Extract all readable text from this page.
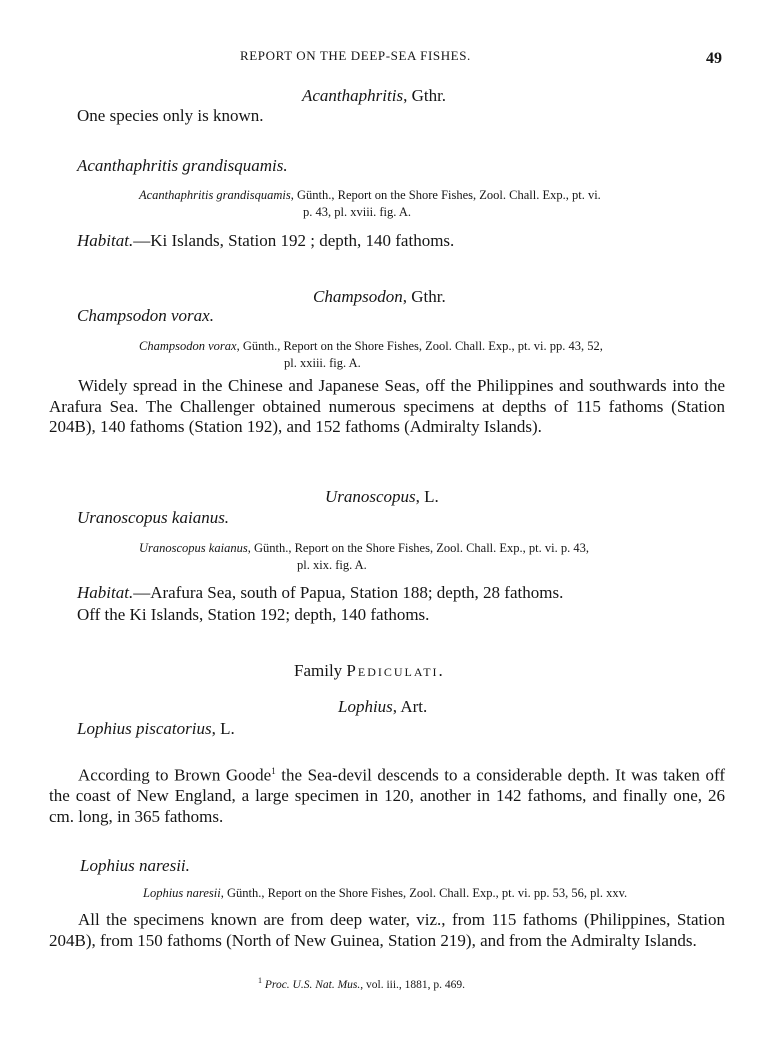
REPORT ON THE DEEP-SEA FISHES.	49
Acanthaphritis, Gthr.
One species only is known.
Acanthaphritis grandisquamis.
Acanthaphritis grandisquamis, Günth., Report on the Shore Fishes, Zool. Chall. Exp., pt. vi.
p. 43, pl. xviii. fig. A.
Habitat.—Ki Islands, Station 192 ; depth, 140 fathoms.
Champsodon, Gthr.
Champsodon vorax.
Champsodon vorax, Günth., Report on the Shore Fishes, Zool. Chall. Exp., pt. vi. pp. 43, 52,
pl. xxiii. fig. A.
Widely spread in the Chinese and Japanese Seas, off the Philippines and southwards into the Arafura Sea. The Challenger obtained numerous specimens at depths of 115 fathoms (Station 204B), 140 fathoms (Station 192), and 152 fathoms (Admiralty Islands).
Uranoscopus, L.
Uranoscopus kaianus.
Uranoscopus kaianus, Günth., Report on the Shore Fishes, Zool. Chall. Exp., pt. vi. p. 43,
pl. xix. fig. A.
Habitat.—Arafura Sea, south of Papua, Station 188; depth, 28 fathoms.
Off the Ki Islands, Station 192; depth, 140 fathoms.
Family Pediculati.
Lophius, Art.
Lophius piscatorius, L.
According to Brown Goode$^1$ the Sea-devil descends to a considerable depth. It was taken off the coast of New England, a large specimen in 120, another in 142 fathoms, and finally one, 26 cm. long, in 365 fathoms.
Lophius naresii.
Lophius naresii, Günth., Report on the Shore Fishes, Zool. Chall. Exp., pt. vi. pp. 53, 56, pl. xxv.
All the specimens known are from deep water, viz., from 115 fathoms (Philippines, Station 204B), from 150 fathoms (North of New Guinea, Station 219), and from the Admiralty Islands.
$^1$ Proc. U.S. Nat. Mus., vol. iii., 1881, p. 469.
